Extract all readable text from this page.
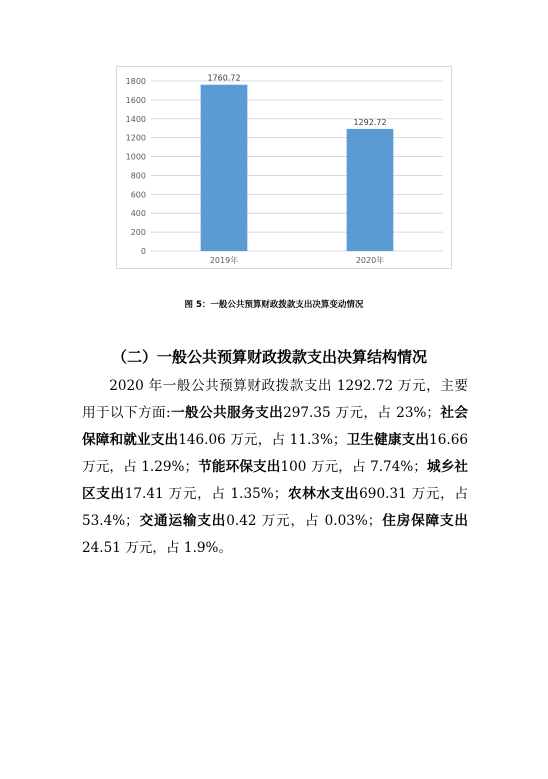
0
200
400
600
800
1000
1200
1400
1600
1800	1760.72
2019年
1292.72
2020年
图 5：一般公共预算财政拨款支出决算变动情况
（二）一般公共预算财政拨款支出决算结构情况
2020 年一般公共预算财政拨款支出 1292.72 万元，主要用于以下方面:一般公共服务支出297.35 万元，占 23%；社会保障和就业支出146.06 万元，占 11.3%；卫生健康支出16.66 万元，占 1.29%；节能环保支出100 万元，占 7.74%；城乡社区支出17.41 万元，占 1.35%；农林水支出690.31 万元，占 53.4%；交通运输支出0.42 万元，占 0.03%；住房保障支出24.51 万元，占 1.9%。
